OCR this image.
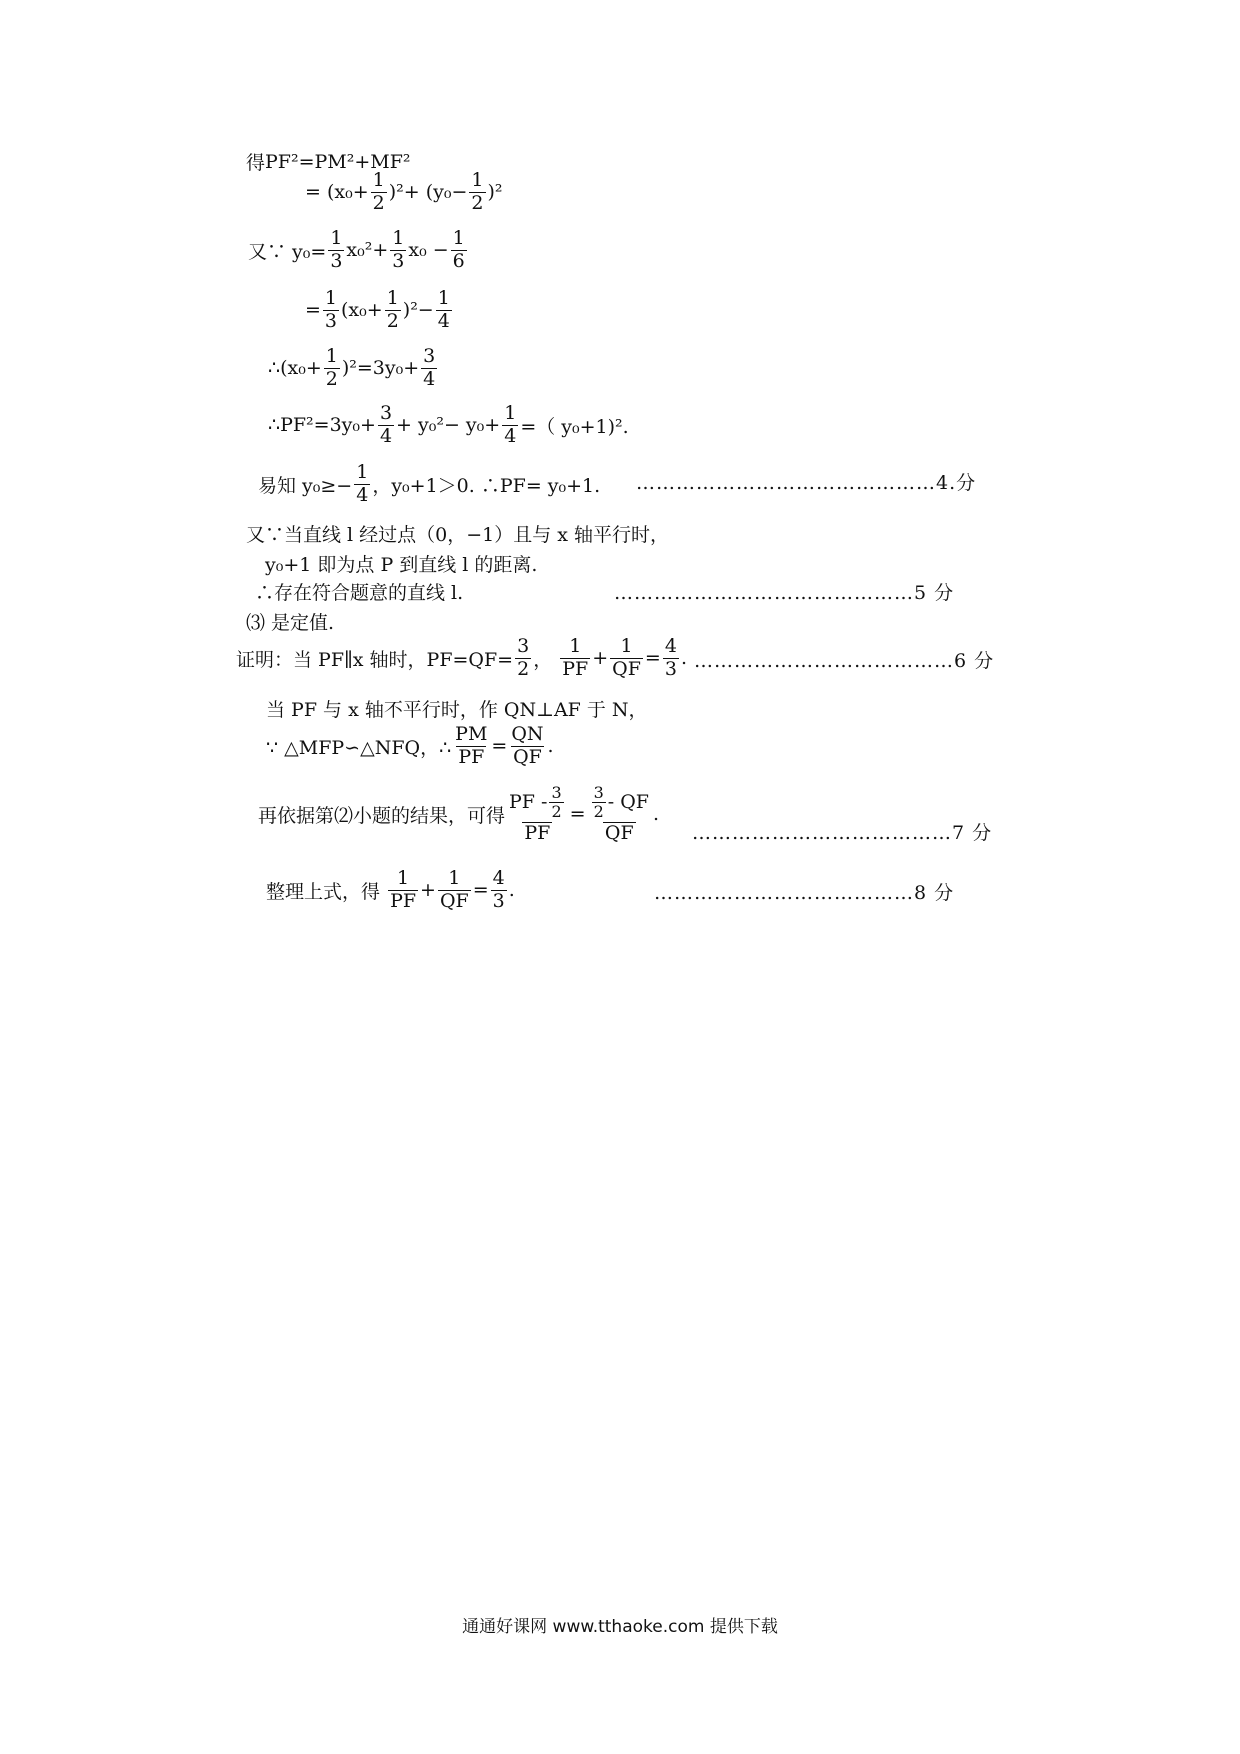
得 PF²=PM²+MF²
=
$(x_0+ \frac{1}{2} )^2+ (y_0- \frac{1}{2} )^2$
又∵ $y_0= \frac{1}{3} x_0^2+ \frac{1}{3} x_0 - \frac{1}{6}$
= $\frac{1}{3} (x_0+ \frac{1}{2} )^2- \frac{1}{4}$
∴(x₀+ $\frac{1}{2} )^2=3y_0+ \frac{3}{4}$
∴PF²=3y₀+ $\frac{3}{4} + y_0^2- y_0+ \frac{1}{4}$ =（ y₀+1)².
易知 $y_0\ge- \frac{1}{4}$ ，y₀+1＞0. ∴PF= y₀+1. ………………………………………4.分
又∵当直线 l 经过点（0，−1）且与 x 轴平行时，
y₀+1 即为点 P 到直线 l 的距离.
∴存在符合题意的直线 l.	………………………………………5 分
⑶ 是定值.
证明：当 PF∥x 轴时，$PF=QF= \frac{3}{2}$ ，
$\frac{1}{PF} + \frac{1}{QF} = \frac{4}{3}$ . …………………………………6 分
当 PF 与 x 轴不平行时，作 QN⊥AF 于 N，
∵ △MFP∽△NFQ，∴ $\frac{PM}{PF} = \frac{QN}{QF}$ .
再依据第⑵小题的结果，可得 $\frac{PF - \frac{3}{2}}{PF} = \frac{\frac{3}{2} - QF}{QF}$ .
…………………………………7 分
整理上式，得
$\frac{1}{PF} + \frac{1}{QF} = \frac{4}{3}$ .	…………………………………8 分
通通好课网 www.tthaoke.com 提供下载
